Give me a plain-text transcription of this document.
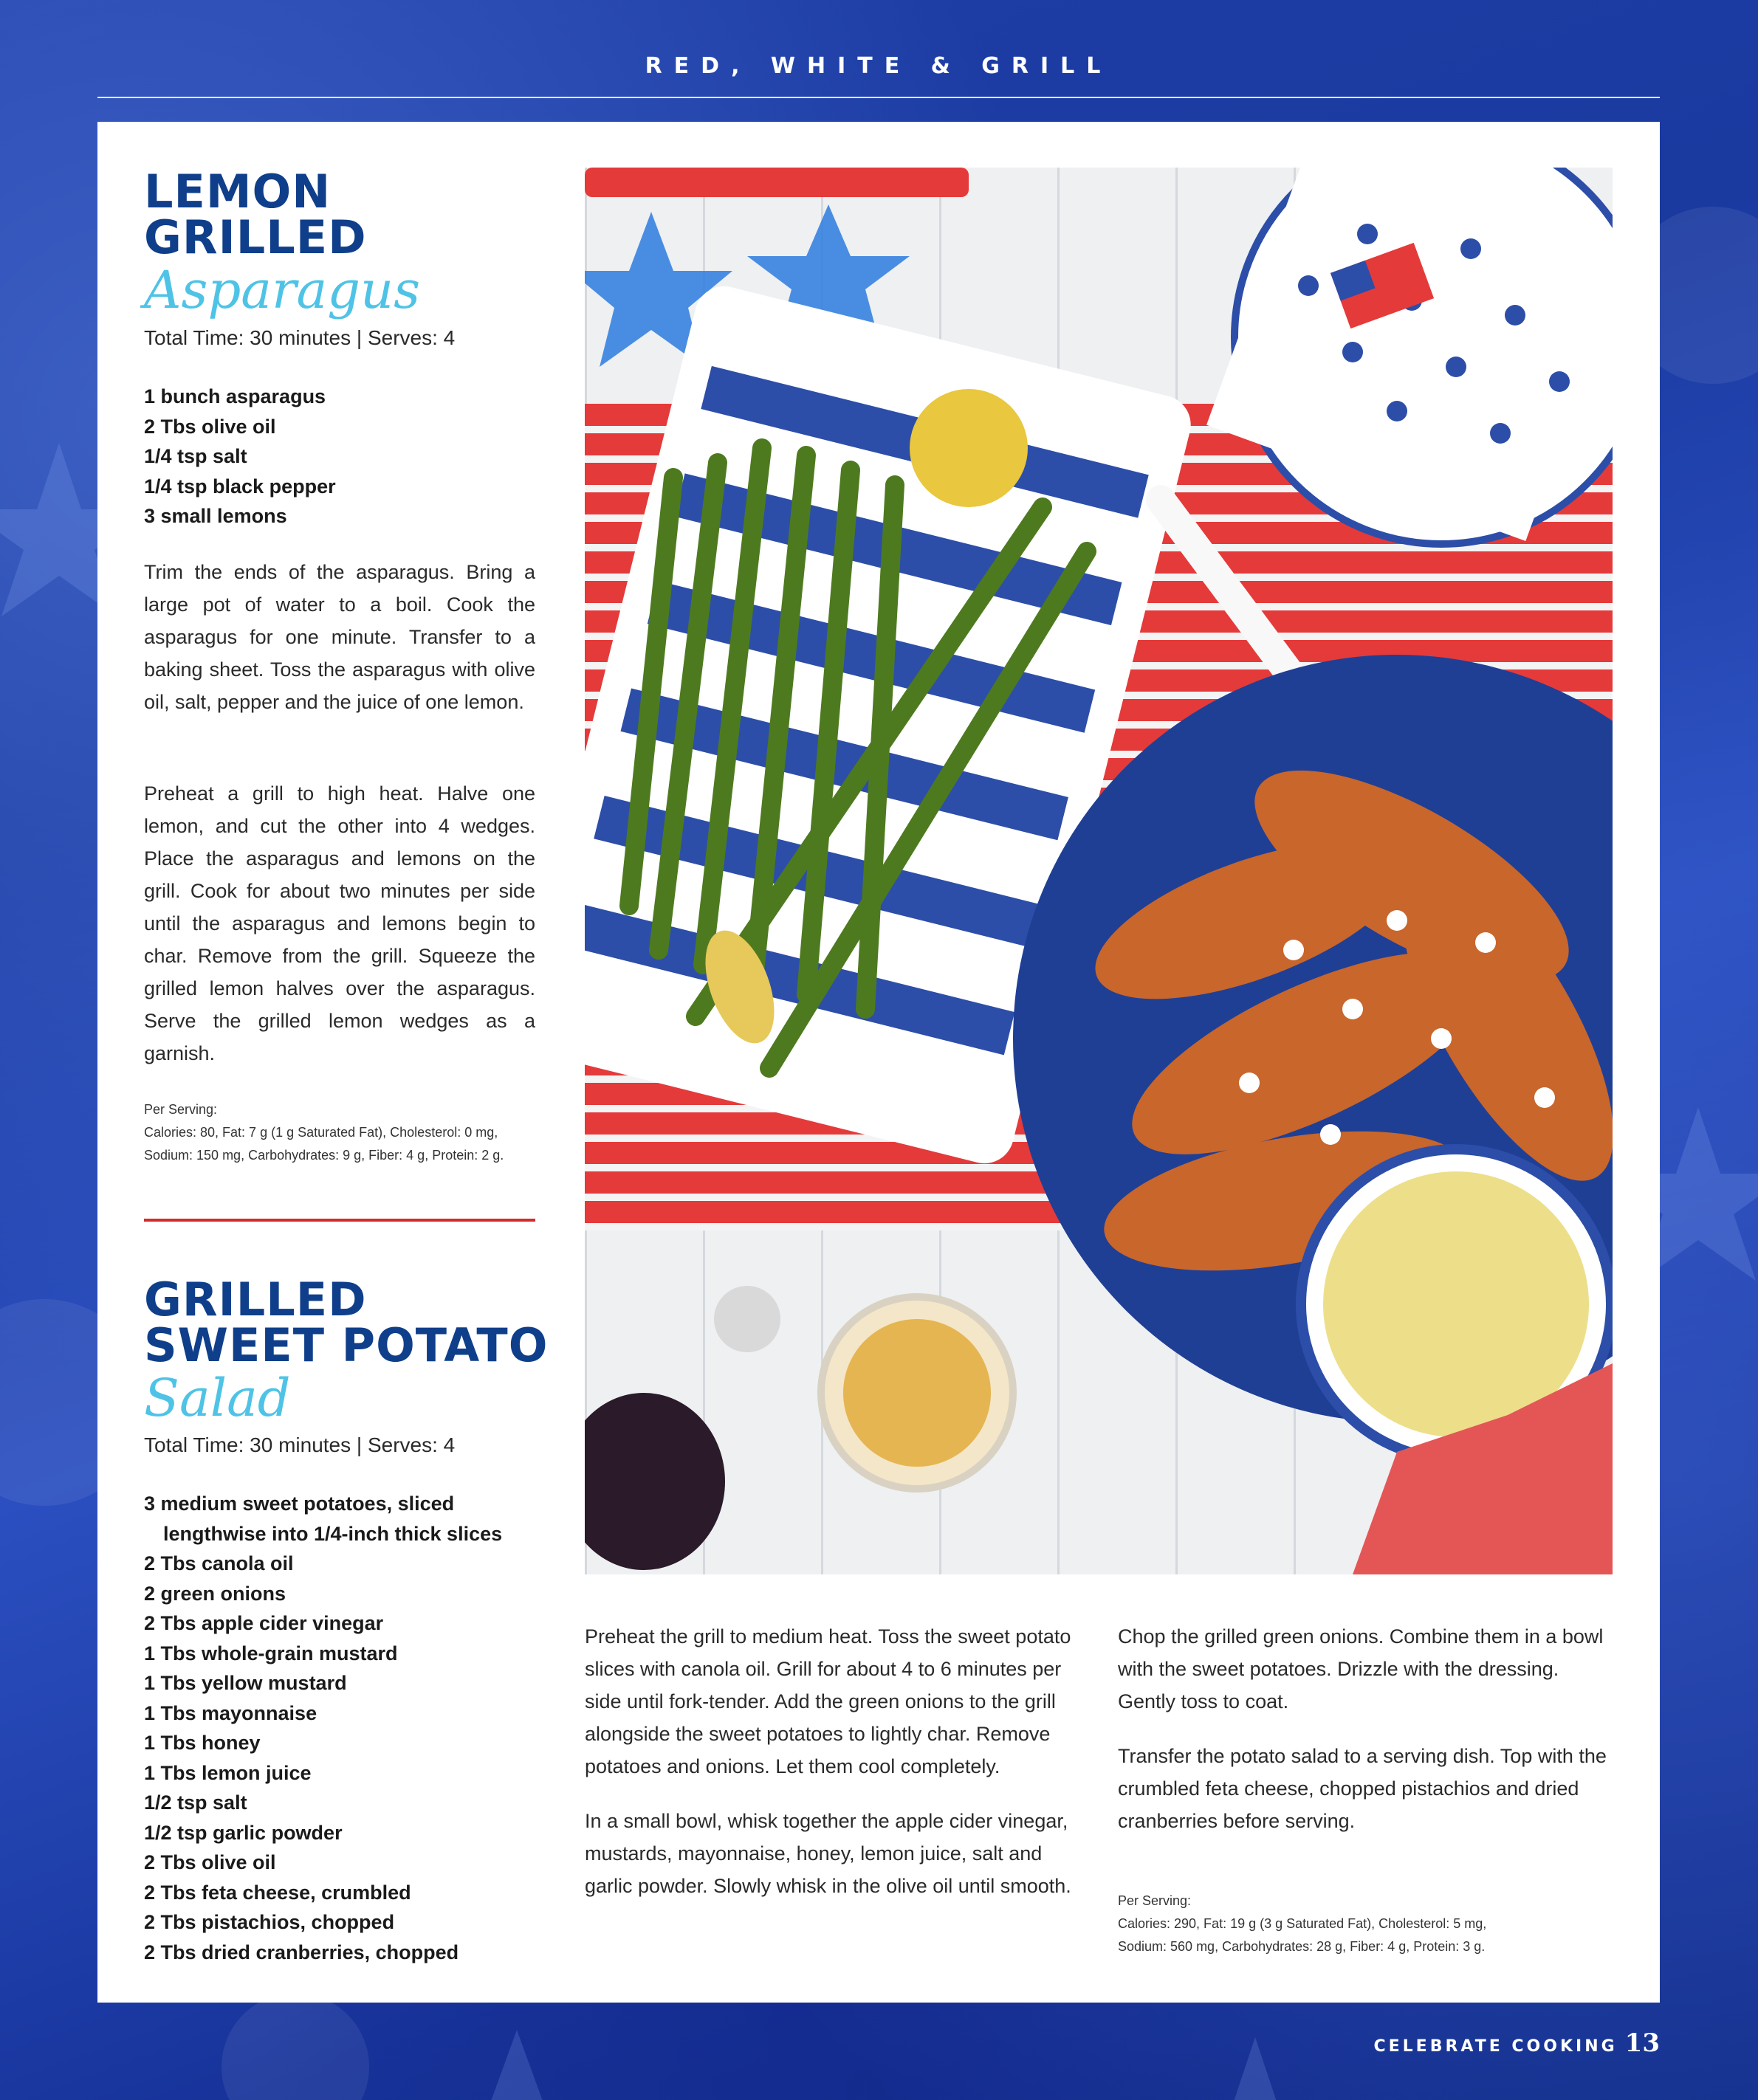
RED, WHITE & GRILL
LEMON
GRILLED
Asparagus
Total Time: 30 minutes | Serves: 4
1 bunch asparagus
2 Tbs olive oil
1/4 tsp salt
1/4 tsp black pepper
3 small lemons

Trim the ends of the asparagus. Bring a large pot of water to a boil. Cook the asparagus for one minute. Transfer to a baking sheet. Toss the asparagus with olive oil, salt, pepper and the juice of one lemon.

Preheat a grill to high heat. Halve one lemon, and cut the other into 4 wedges. Place the asparagus and lemons on the grill. Cook for about two minutes per side until the asparagus and lemons begin to char. Remove from the grill. Squeeze the grilled lemon halves over the asparagus. Serve the grilled lemon wedges as a garnish.

Per Serving:
Calories: 80, Fat: 7 g (1 g Saturated Fat), Cholesterol: 0 mg,
Sodium: 150 mg, Carbohydrates: 9 g, Fiber: 4 g, Protein: 2 g.
GRILLED
SWEET POTATO
Salad
Total Time: 30 minutes | Serves: 4
3 medium sweet potatoes, sliced lengthwise into 1/4-inch thick slices
2 Tbs canola oil
2 green onions
2 Tbs apple cider vinegar
1 Tbs whole-grain mustard
1 Tbs yellow mustard
1 Tbs mayonnaise
1 Tbs honey
1 Tbs lemon juice
1/2 tsp salt
1/2 tsp garlic powder
2 Tbs olive oil
2 Tbs feta cheese, crumbled
2 Tbs pistachios, chopped
2 Tbs dried cranberries, chopped

Preheat the grill to medium heat. Toss the sweet potato slices with canola oil. Grill for about 4 to 6 minutes per side until fork-tender. Add the green onions to the grill alongside the sweet potatoes to lightly char. Remove potatoes and onions. Let them cool completely.

In a small bowl, whisk together the apple cider vinegar, mustards, mayonnaise, honey, lemon juice, salt and garlic powder. Slowly whisk in the olive oil until smooth.

Chop the grilled green onions. Combine them in a bowl with the sweet potatoes. Drizzle with the dressing. Gently toss to coat.

Transfer the potato salad to a serving dish. Top with the crumbled feta cheese, chopped pistachios and dried cranberries before serving.

Per Serving:
Calories: 290, Fat: 19 g (3 g Saturated Fat), Cholesterol: 5 mg,
Sodium: 560 mg, Carbohydrates: 28 g, Fiber: 4 g, Protein: 3 g.
CELEBRATE COOKING 13
